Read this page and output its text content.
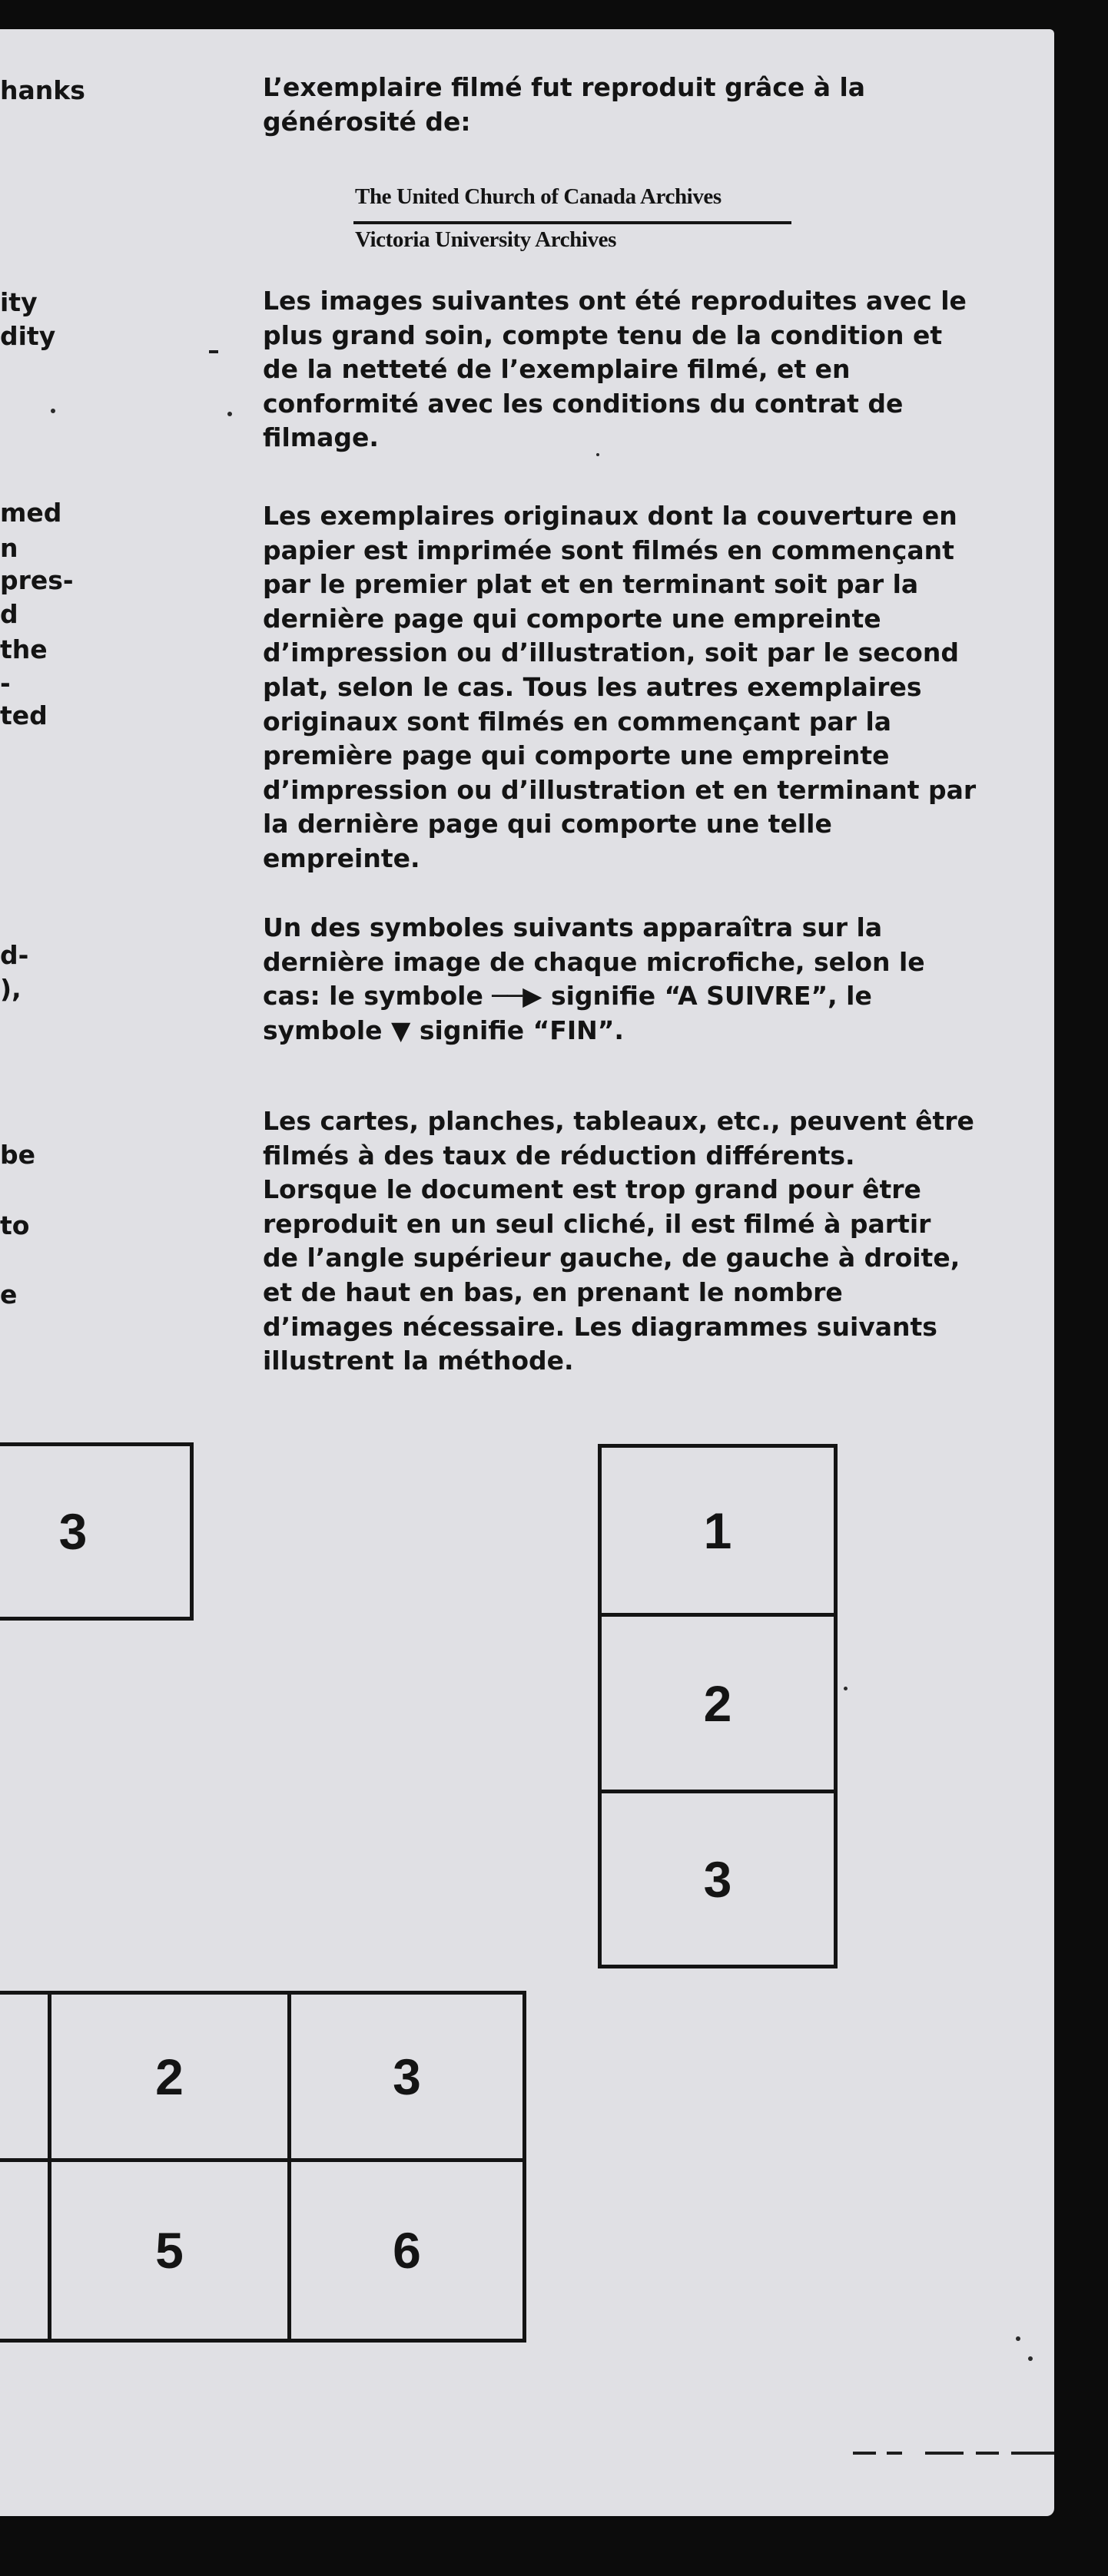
hanks
ity
dity
med
n
pres-
d
the
-
ted
d-
),
be
to
e
L’exemplaire filmé fut reproduit grâce à la
générosité de:
The United Church of Canada Archives
Victoria University Archives
Les images suivantes ont été reproduites avec le
plus grand soin, compte tenu de la condition et
de la netteté de l’exemplaire filmé, et en
conformité avec les conditions du contrat de
filmage.
Les exemplaires originaux dont la couverture en
papier est imprimée sont filmés en commençant
par le premier plat et en terminant soit par la
dernière page qui comporte une empreinte
d’impression ou d’illustration, soit par le second
plat, selon le cas. Tous les autres exemplaires
originaux sont filmés en commençant par la
première page qui comporte une empreinte
d’impression ou d’illustration et en terminant par
la dernière page qui comporte une telle
empreinte.
Un des symboles suivants apparaîtra sur la
dernière image de chaque microfiche, selon le
cas: le symbole ──▶ signifie “A SUIVRE”, le
symbole ▼ signifie “FIN”.
Les cartes, planches, tableaux, etc., peuvent être
filmés à des taux de réduction différents.
Lorsque le document est trop grand pour être
reproduit en un seul cliché, il est filmé à partir
de l’angle supérieur gauche, de gauche à droite,
et de haut en bas, en prenant le nombre
d’images nécessaire. Les diagrammes suivants
illustrent la méthode.
3	1
2
3
2	3
5	6
